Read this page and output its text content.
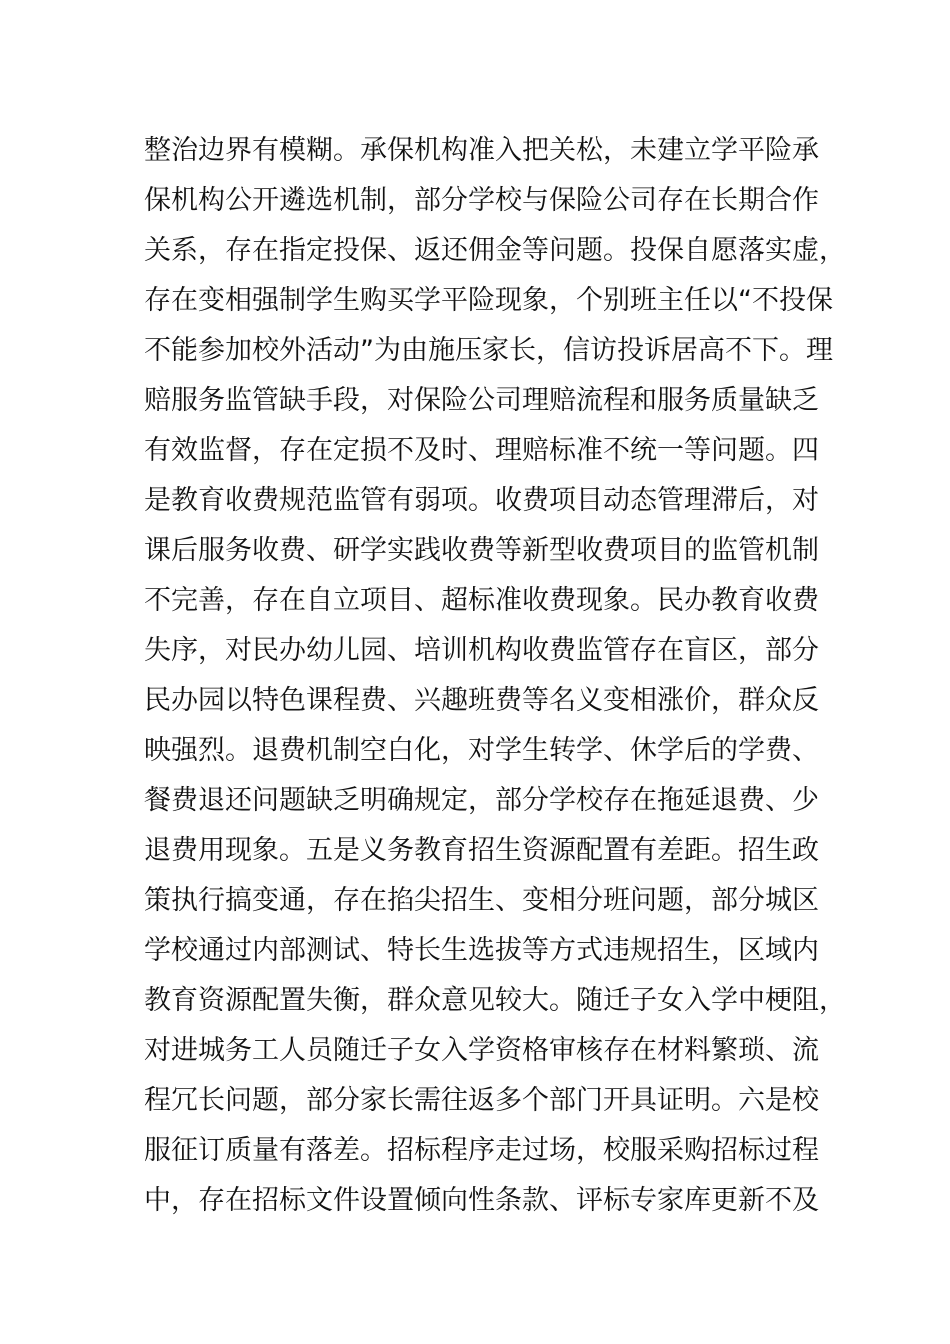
整治边界有模糊。承保机构准入把关松，未建立学平险承
保机构公开遴选机制，部分学校与保险公司存在长期合作
关系，存在指定投保、返还佣金等问题。投保自愿落实虚，
存在变相强制学生购买学平险现象，个别班主任以“不投保
不能参加校外活动”为由施压家长，信访投诉居高不下。理
赔服务监管缺手段，对保险公司理赔流程和服务质量缺乏
有效监督，存在定损不及时、理赔标准不统一等问题。四
是教育收费规范监管有弱项。收费项目动态管理滞后，对
课后服务收费、研学实践收费等新型收费项目的监管机制
不完善，存在自立项目、超标准收费现象。民办教育收费
失序，对民办幼儿园、培训机构收费监管存在盲区，部分
民办园以特色课程费、兴趣班费等名义变相涨价，群众反
映强烈。退费机制空白化，对学生转学、休学后的学费、
餐费退还问题缺乏明确规定，部分学校存在拖延退费、少
退费用现象。五是义务教育招生资源配置有差距。招生政
策执行搞变通，存在掐尖招生、变相分班问题，部分城区
学校通过内部测试、特长生选拔等方式违规招生，区域内
教育资源配置失衡，群众意见较大。随迁子女入学中梗阻，
对进城务工人员随迁子女入学资格审核存在材料繁琐、流
程冗长问题，部分家长需往返多个部门开具证明。六是校
服征订质量有落差。招标程序走过场，校服采购招标过程
中，存在招标文件设置倾向性条款、评标专家库更新不及
